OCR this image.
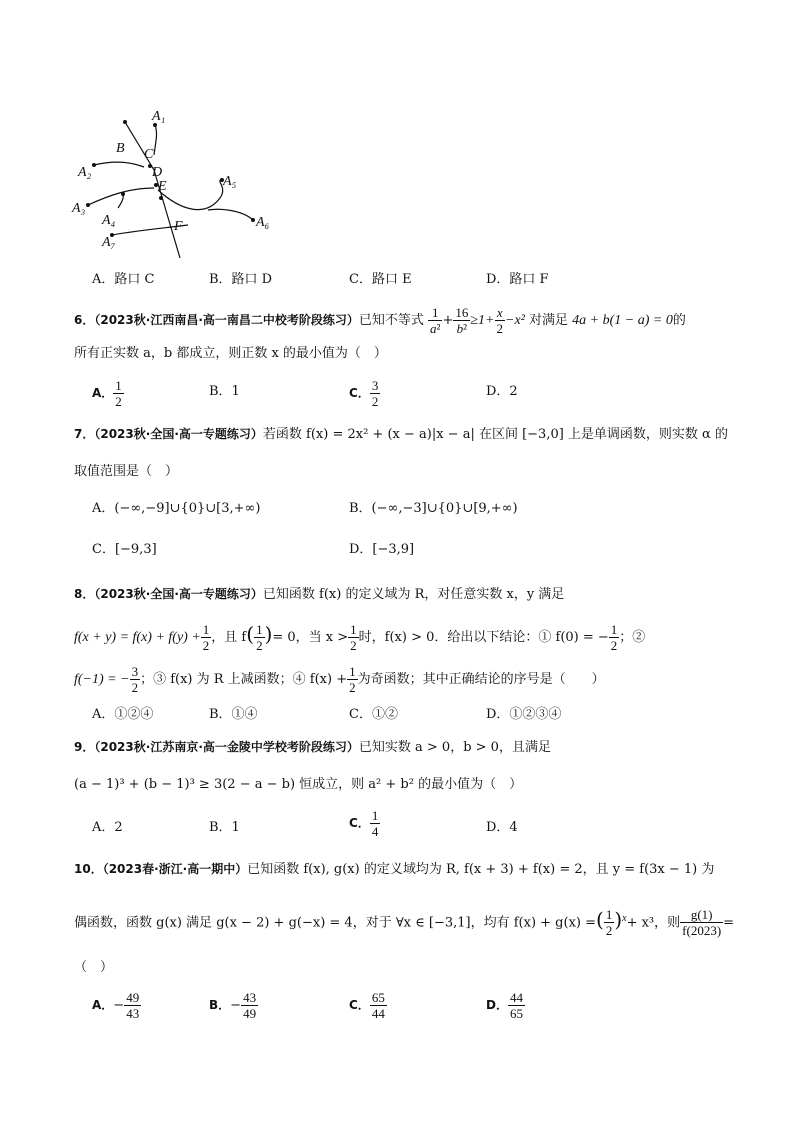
A₁
B C
A₂	D
E	A₅
A₃
A₄	F	A₆
A₇
A．路口 C	B．路口 D	C．路口 E	D．路口 F
6．（2023秋·江西南昌·高一南昌二中校考阶段练习）已知不等式 $\frac{1}{\text{a²}} + \frac{16}{\text{b²}} \ge 1+ \frac{x}{2} -x^2$ 对满足 4a + b(1 − a) = 0的
所有正实数 a，b 都成立，则正数 x 的最小值为（　）
A． $\frac{1}{2}$	B．1	C． $\frac{3}{2}$	D．2
7．（2023秋·全国·高一专题练习）若函数 f(x) = 2x² + (x − a)|x − a| 在区间 [−3,0] 上是单调函数，则实数 α 的
取值范围是（　）
A．(−∞,−9]∪{0}∪[3,+∞)	B．(−∞,−3]∪{0}∪[9,+∞)
C．[−9,3]	D．[−3,9]
8．（2023秋·全国·高一专题练习）已知函数 f(x) 的定义域为 R，对任意实数 x，y 满足
$f(x + y) = f(x) + f(y) + \frac{1}{2}$ ，且 $f( \frac{1}{2}$ )= 0，当 $x > \frac{1}{2}$ 时，f(x) > 0．给出以下结论：① f(0) = − $\frac{1}{2}$ ；②
f(−1) = − $\frac{3}{2}$ ；③ f(x) 为 R 上减函数；④ $f(x) + \frac{1}{2}$ 为奇函数；其中正确结论的序号是（　　）
A．①②④	B．①④	C．①②	D．①②③④
9．（2023秋·江苏南京·高一金陵中学校考阶段练习）已知实数 a > 0，b > 0，且满足
(a − 1)³ + (b − 1)³ ≥ 3(2 − a − b) 恒成立，则 a² + b² 的最小值为（　）
A．2	B．1	C． $\frac{1}{4}$	D．4
10．（2023春·浙江·高一期中）已知函数 f(x), g(x) 的定义域均为 R, f(x + 3) + f(x) = 2，且 y = f(3x − 1) 为
偶函数，函数 g(x) 满足 g(x − 2) + g(−x) = 4，对于 ∀x ∈ [−3,1]，均有 f(x) + g(x) =( $\frac{1}{2} )^x+ x^3$，则 $\frac{g(1)}{f(2023)}$ =
（　）
A．− $\frac{49}{43}$	B．− $\frac{43}{49}$	C． $\frac{65}{44}$	D． $\frac{44}{65}$
